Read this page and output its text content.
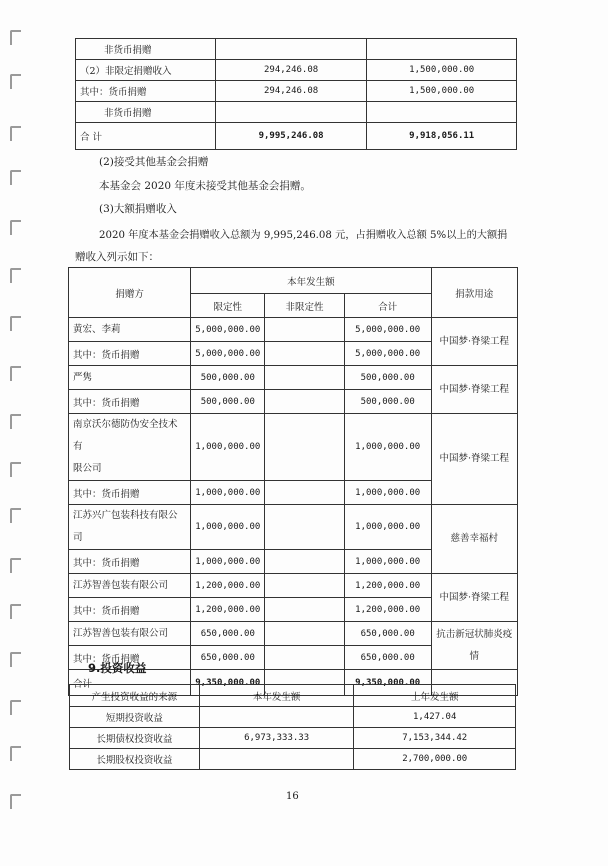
非货币捐赠		
（2）非限定捐赠收入	294,246.08	1,500,000.00
其中：货币捐赠	294,246.08	1,500,000.00
非货币捐赠		
合 计	9,995,246.08	9,918,056.11
(2)接受其他基金会捐赠
本基金会 2020 年度未接受其他基金会捐赠。
(3)大额捐赠收入
2020 年度本基金会捐赠收入总额为 9,995,246.08 元，占捐赠收入总额 5%以上的大额捐
赠收入列示如下：
捐赠方	本年发生额			捐款用途
	限定性	非限定性	合计	
黄宏、李莉	5,000,000.00		5,000,000.00	中国梦·脊梁工程
其中：货币捐赠	5,000,000.00		5,000,000.00	
严隽	500,000.00		500,000.00	中国梦·脊梁工程
其中：货币捐赠	500,000.00		500,000.00	
南京沃尔德防伪安全技术有
限公司	1,000,000.00		1,000,000.00	中国梦·脊梁工程
其中：货币捐赠	1,000,000.00		1,000,000.00	
江苏兴广包装科技有限公司	1,000,000.00		1,000,000.00	慈善幸福村
其中：货币捐赠	1,000,000.00		1,000,000.00	
江苏智善包装有限公司	1,200,000.00		1,200,000.00	中国梦·脊梁工程
其中：货币捐赠	1,200,000.00		1,200,000.00	
江苏智善包装有限公司	650,000.00		650,000.00	抗击新冠状肺炎疫
情
其中：货币捐赠	650,000.00		650,000.00	
合计	9,350,000.00		9,350,000.00	
9.投资收益
产生投资收益的来源	本年发生额	上年发生额
短期投资收益		1,427.04
长期债权投资收益	6,973,333.33	7,153,344.42
长期股权投资收益		2,700,000.00
16
